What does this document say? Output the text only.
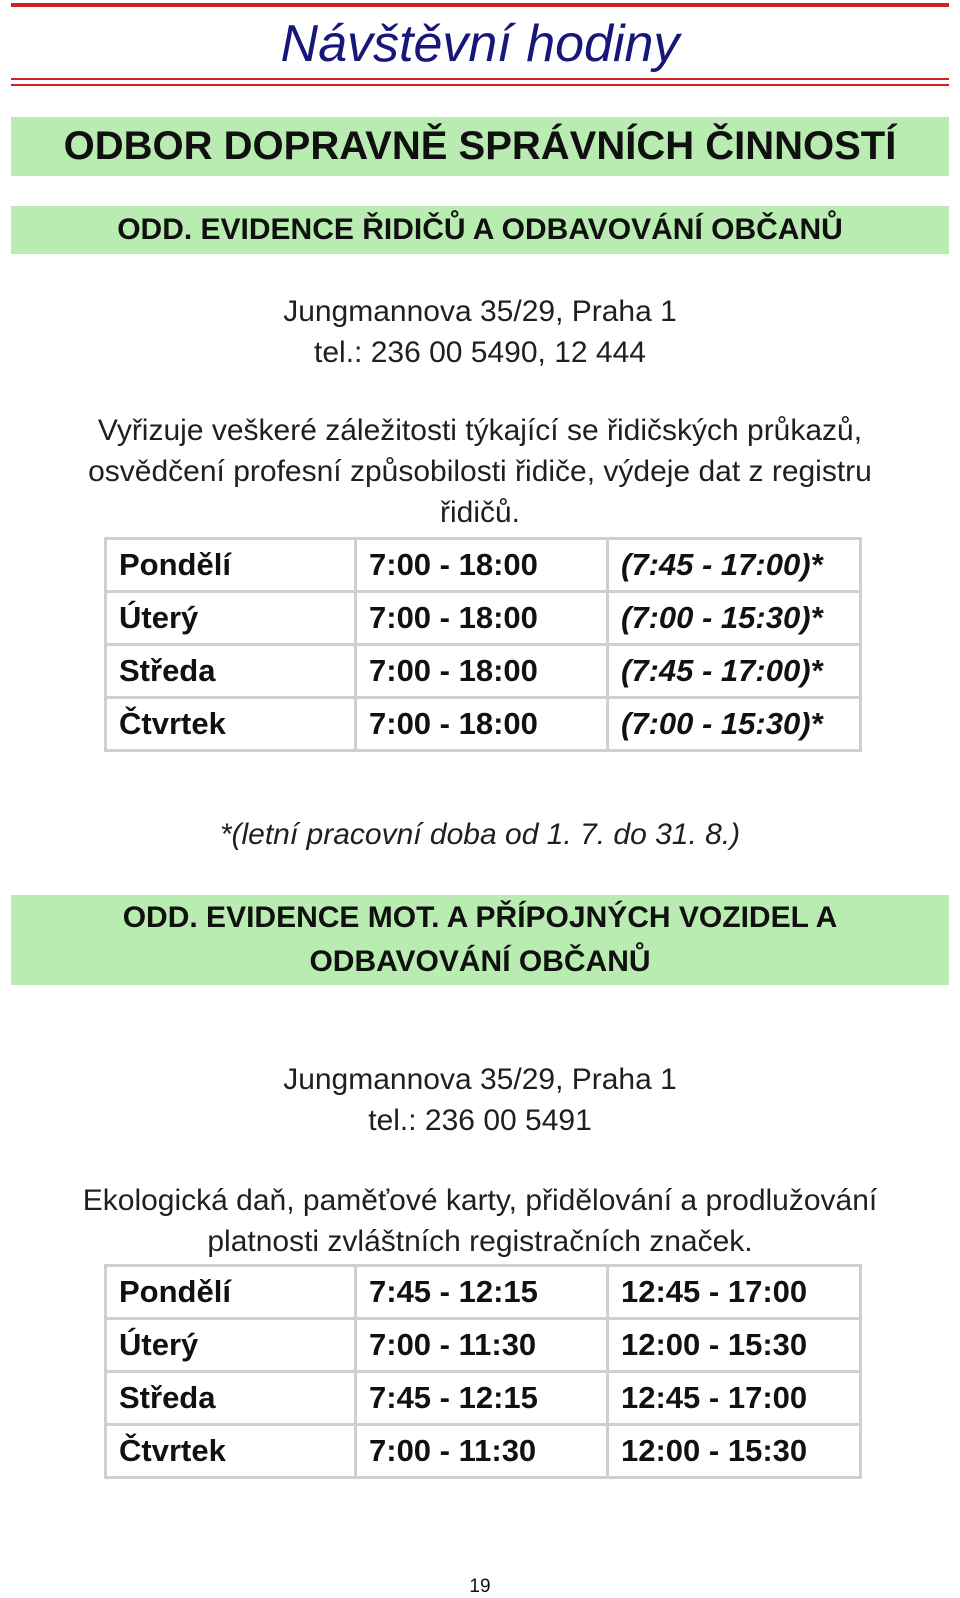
Návštěvní hodiny
ODBOR DOPRAVNĚ SPRÁVNÍCH ČINNOSTÍ
ODD. EVIDENCE ŘIDIČŮ A ODBAVOVÁNÍ OBČANŮ
Jungmannova 35/29, Praha 1
tel.: 236 00 5490, 12 444
Vyřizuje veškeré záležitosti týkající se řidičských průkazů,
osvědčení profesní způsobilosti řidiče, výdeje dat z registru
řidičů.
Pondělí	7:00 - 18:00	(7:45 - 17:00)*
Úterý	7:00 - 18:00	(7:00 - 15:30)*
Středa	7:00 - 18:00	(7:45 - 17:00)*
Čtvrtek	7:00 - 18:00	(7:00 - 15:30)*
*(letní pracovní doba od 1. 7. do 31. 8.)
ODD. EVIDENCE MOT. A PŘÍPOJNÝCH VOZIDEL A
ODBAVOVÁNÍ OBČANŮ
Jungmannova 35/29, Praha 1
tel.: 236 00 5491
Ekologická daň, paměťové karty, přidělování a prodlužování
platnosti zvláštních registračních značek.
Pondělí	7:45 - 12:15	12:45 - 17:00
Úterý	7:00 - 11:30	12:00 - 15:30
Středa	7:45 - 12:15	12:45 - 17:00
Čtvrtek	7:00 - 11:30	12:00 - 15:30
19
